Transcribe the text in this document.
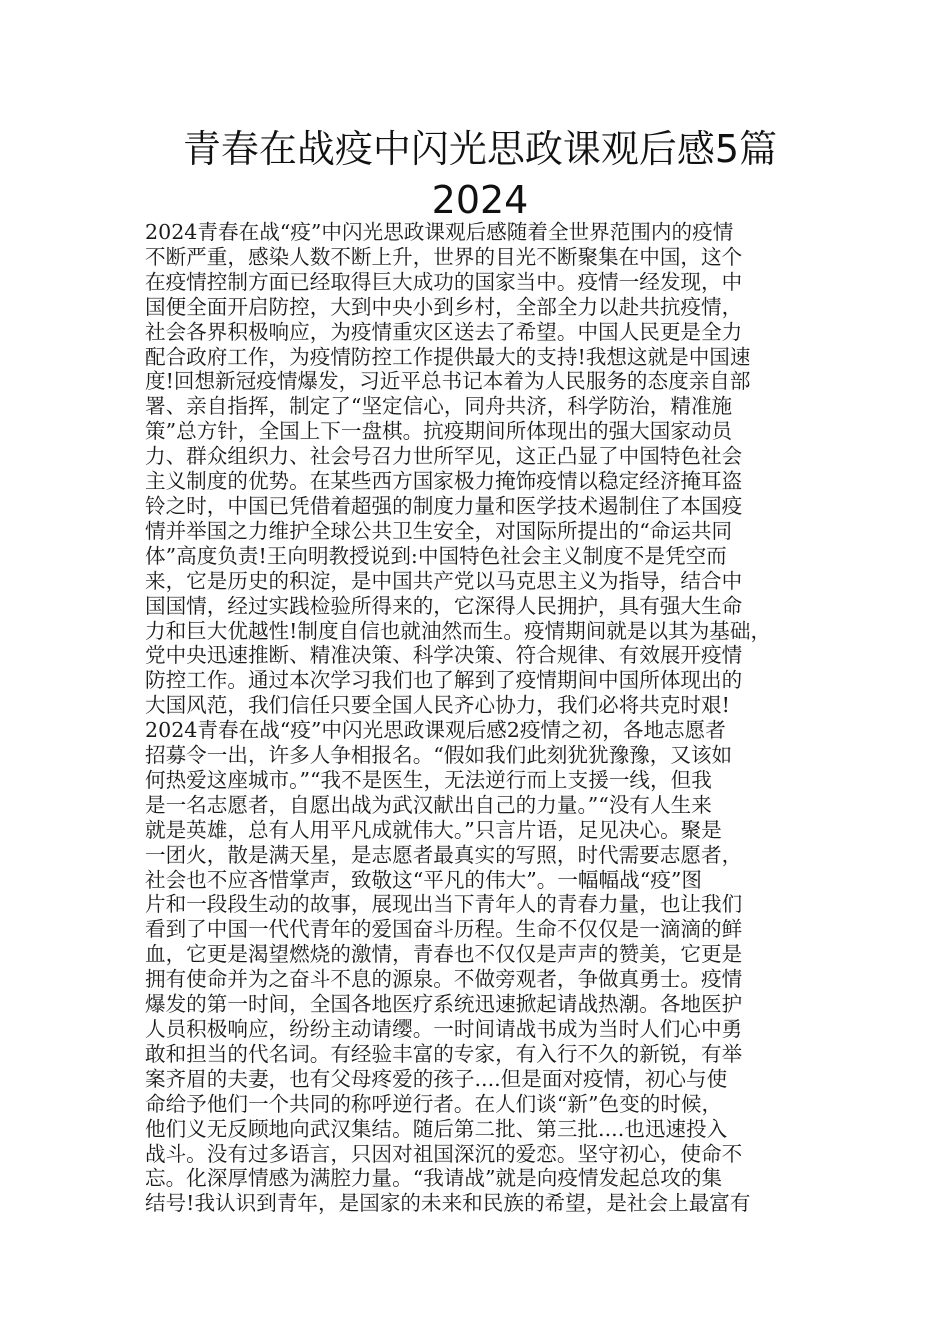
青春在战疫中闪光思政课观后感5篇
2024
2024青春在战“疫”中闪光思政课观后感随着全世界范围内的疫情
不断严重，感染人数不断上升，世界的目光不断聚集在中国，这个
在疫情控制方面已经取得巨大成功的国家当中。疫情一经发现，中
国便全面开启防控，大到中央小到乡村，全部全力以赴共抗疫情，
社会各界积极响应，为疫情重灾区送去了希望。中国人民更是全力
配合政府工作，为疫情防控工作提供最大的支持!我想这就是中国速
度!回想新冠疫情爆发，习近平总书记本着为人民服务的态度亲自部
署、亲自指挥，制定了“坚定信心，同舟共济，科学防治，精准施
策”总方针，全国上下一盘棋。抗疫期间所体现出的强大国家动员
力、群众组织力、社会号召力世所罕见，这正凸显了中国特色社会
主义制度的优势。在某些西方国家极力掩饰疫情以稳定经济掩耳盗
铃之时，中国已凭借着超强的制度力量和医学技术遏制住了本国疫
情并举国之力维护全球公共卫生安全，对国际所提出的“命运共同
体”高度负责!王向明教授说到:中国特色社会主义制度不是凭空而
来，它是历史的积淀，是中国共产党以马克思主义为指导，结合中
国国情，经过实践检验所得来的，它深得人民拥护，具有强大生命
力和巨大优越性!制度自信也就油然而生。疫情期间就是以其为基础，
党中央迅速推断、精准决策、科学决策、符合规律、有效展开疫情
防控工作。通过本次学习我们也了解到了疫情期间中国所体现出的
大国风范，我们信任只要全国人民齐心协力，我们必将共克时艰!
2024青春在战“疫”中闪光思政课观后感2疫情之初，各地志愿者
招募令一出，许多人争相报名。“假如我们此刻犹犹豫豫，又该如
何热爱这座城市。”“我不是医生，无法逆行而上支援一线，但我
是一名志愿者，自愿出战为武汉献出自己的力量。”“没有人生来
就是英雄，总有人用平凡成就伟大。”只言片语，足见决心。聚是
一团火，散是满天星，是志愿者最真实的写照，时代需要志愿者，
社会也不应吝惜掌声，致敬这“平凡的伟大”。一幅幅战“疫”图
片和一段段生动的故事，展现出当下青年人的青春力量，也让我们
看到了中国一代代青年的爱国奋斗历程。生命不仅仅是一滴滴的鲜
血，它更是渴望燃烧的激情，青春也不仅仅是声声的赞美，它更是
拥有使命并为之奋斗不息的源泉。不做旁观者，争做真勇士。疫情
爆发的第一时间，全国各地医疗系统迅速掀起请战热潮。各地医护
人员积极响应，纷纷主动请缨。一时间请战书成为当时人们心中勇
敢和担当的代名词。有经验丰富的专家，有入行不久的新锐，有举
案齐眉的夫妻，也有父母疼爱的孩子....但是面对疫情，初心与使
命给予他们一个共同的称呼逆行者。在人们谈“新”色变的时候，
他们义无反顾地向武汉集结。随后第二批、第三批....也迅速投入
战斗。没有过多语言，只因对祖国深沉的爱恋。坚守初心，使命不
忘。化深厚情感为满腔力量。“我请战”就是向疫情发起总攻的集
结号!我认识到青年，是国家的未来和民族的希望，是社会上最富有
